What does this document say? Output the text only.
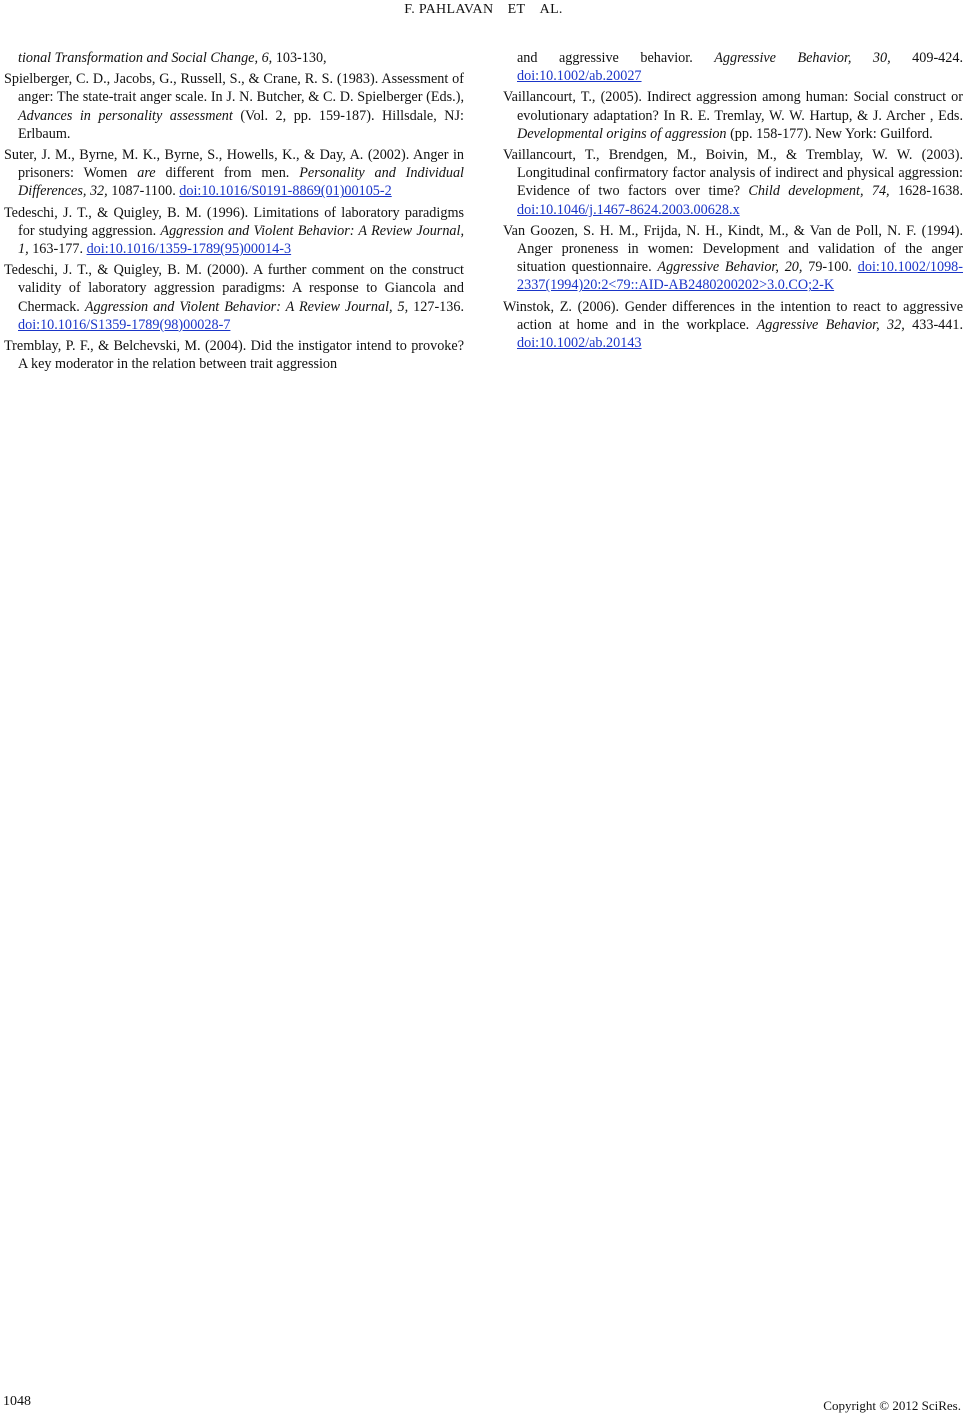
F. PAHLAVAN ET AL.

tional Transformation and Social Change, 6, 103-130,

Spielberger, C. D., Jacobs, G., Russell, S., & Crane, R. S. (1983). Assessment of anger: The state-trait anger scale. In J. N. Butcher, & C. D. Spielberger (Eds.), Advances in personality assessment (Vol. 2, pp. 159-187). Hillsdale, NJ: Erlbaum.

Suter, J. M., Byrne, M. K., Byrne, S., Howells, K., & Day, A. (2002). Anger in prisoners: Women are different from men. Personality and Individual Differences, 32, 1087-1100. doi:10.1016/S0191-8869(01)00105-2

Tedeschi, J. T., & Quigley, B. M. (1996). Limitations of laboratory paradigms for studying aggression. Aggression and Violent Behavior: A Review Journal, 1, 163-177. doi:10.1016/1359-1789(95)00014-3

Tedeschi, J. T., & Quigley, B. M. (2000). A further comment on the construct validity of laboratory aggression paradigms: A response to Giancola and Chermack. Aggression and Violent Behavior: A Review Journal, 5, 127-136. doi:10.1016/S1359-1789(98)00028-7

Tremblay, P. F., & Belchevski, M. (2004). Did the instigator intend to provoke? A key moderator in the relation between trait aggression

and aggressive behavior. Aggressive Behavior, 30, 409-424. doi:10.1002/ab.20027

Vaillancourt, T., (2005). Indirect aggression among human: Social construct or evolutionary adaptation? In R. E. Tremlay, W. W. Hartup, & J. Archer , Eds. Developmental origins of aggression (pp. 158-177). New York: Guilford.

Vaillancourt, T., Brendgen, M., Boivin, M., & Tremblay, W. W. (2003). Longitudinal confirmatory factor analysis of indirect and physical aggression: Evidence of two factors over time? Child development, 74, 1628-1638. doi:10.1046/j.1467-8624.2003.00628.x

Van Goozen, S. H. M., Frijda, N. H., Kindt, M., & Van de Poll, N. F. (1994). Anger proneness in women: Development and validation of the anger situation questionnaire. Aggressive Behavior, 20, 79-100. doi:10.1002/1098-2337(1994)20:2<79::AID-AB2480200202>3.0.CO;2-K

Winstok, Z. (2006). Gender differences in the intention to react to aggressive action at home and in the workplace. Aggressive Behavior, 32, 433-441. doi:10.1002/ab.20143

1048	Copyright © 2012 SciRes.
